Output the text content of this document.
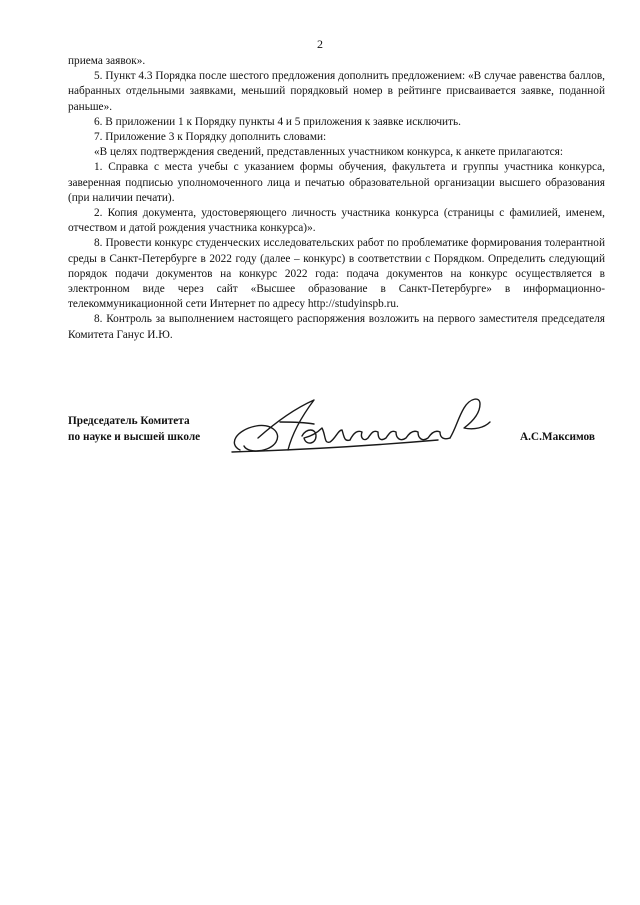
2

приема заявок».

5. Пункт 4.3 Порядка после шестого предложения дополнить предложением: «В случае равенства баллов, набранных отдельными заявками, меньший порядковый номер в рейтинге присваивается заявке, поданной раньше».

6. В приложении 1 к Порядку пункты 4 и 5 приложения к заявке исключить.

7. Приложение 3 к Порядку дополнить словами:

«В целях подтверждения сведений, представленных участником конкурса, к анкете прилагаются:

1. Справка с места учебы с указанием формы обучения, факультета и группы участника конкурса, заверенная подписью уполномоченного лица и печатью образовательной организации высшего образования (при наличии печати).

2. Копия документа, удостоверяющего личность участника конкурса (страницы с фамилией, именем, отчеством и датой рождения участника конкурса)».

8. Провести конкурс студенческих исследовательских работ по проблематике формирования толерантной среды в Санкт-Петербурге в 2022 году (далее – конкурс) в соответствии с Порядком. Определить следующий порядок подачи документов на конкурс 2022 года: подача документов на конкурс осуществляется в электронном виде через сайт «Высшее образование в Санкт-Петербурге» в информационно-телекоммуникационной сети Интернет по адресу http://studyinspb.ru.

8. Контроль за выполнением настоящего распоряжения возложить на первого заместителя председателя Комитета Ганус И.Ю.

Председатель Комитета
по науке и высшей школе	А.С.Максимов
